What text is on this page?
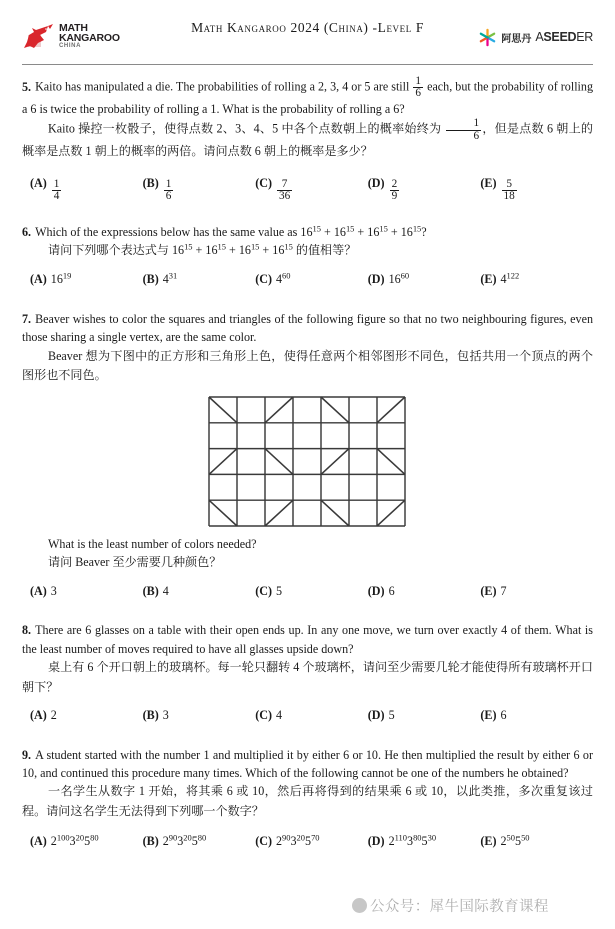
MATH
KANGAROO
CHINA
Math Kangaroo 2024 (China) -Level F
阿思丹 ASEEDER
5. Kaito has manipulated a die. The probabilities of rolling a 2, 3, 4 or 5 are still $\frac{1}{6}$ each, but the probability of rolling a 6 is twice the probability of rolling a 1. What is the probability of rolling a 6?
Kaito 操控一枚骰子，使得点数 2、3、4、5 中各个点数朝上的概率始终为 $\frac{1}{6}$ ，但是点数 6 朝上的概率是点数 1 朝上的概率的两倍。请问点数 6 朝上的概率是多少？
$(A) \frac{1}{4}$	$(B) \frac{1}{6}$	$(C) \frac{7}{36}$	$(D) \frac{2}{9}$	$(E) \frac{5}{18}$
6. Which of the expressions below has the same value as $16^{15} + 16^{15} + 16^{15} + 16^{15}$?
请问下列哪个表达式与 $16^{15} + 16^{15} + 16^{15} + 16^{15}$ 的值相等？
(A) $16^{19}$	(B) $4^{31}$	(C) $4^{60}$	(D) $16^{60}$	(E) $4^{122}$
7. Beaver wishes to color the squares and triangles of the following figure so that no two neighbouring figures, even those sharing a single vertex, are the same color.
Beaver 想为下图中的正方形和三角形上色，使得任意两个相邻图形不同色，包括共用一个顶点的两个图形也不同色。
What is the least number of colors needed?
请问 Beaver 至少需要几种颜色？
(A) 3	(B) 4	(C) 5	(D) 6	(E) 7
8. There are 6 glasses on a table with their open ends up. In any one move, we turn over exactly 4 of them. What is the least number of moves required to have all glasses upside down?
桌上有 6 个开口朝上的玻璃杯。每一轮只翻转 4 个玻璃杯，请问至少需要几轮才能使得所有玻璃杯开口朝下？
(A) 2	(B) 3	(C) 4	(D) 5	(E) 6
9. A student started with the number 1 and multiplied it by either 6 or 10. He then multiplied the result by either 6 or 10, and continued this procedure many times. Which of the following cannot be one of the numbers he obtained?
一名学生从数字 1 开始，将其乘 6 或 10，然后再将得到的结果乘 6 或 10，以此类推，多次重复该过程。请问这名学生无法得到下列哪一个数字？
(A) $2^{100}3^{20}5^{80}$	(B) $2^{90}3^{20}5^{80}$	(C) $2^{90}3^{20}5^{70}$	(D) $2^{110}3^{80}5^{30}$	(E) $2^{50}5^{50}$
公众号：犀牛国际教育课程
